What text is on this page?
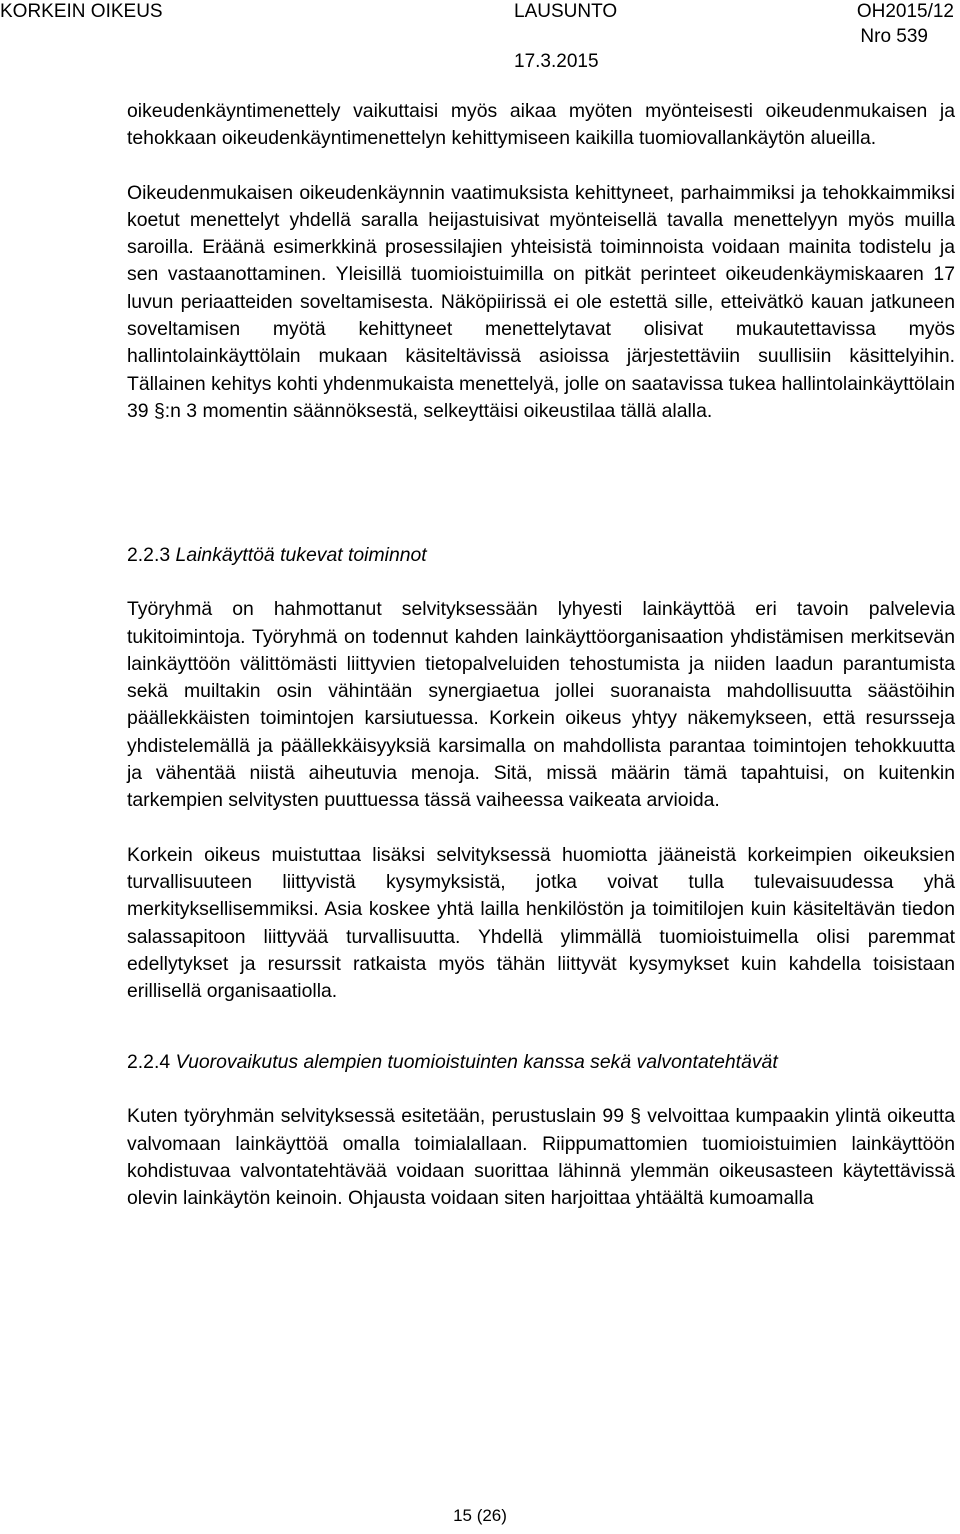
KORKEIN OIKEUS	LAUSUNTO	OH2015/12
Nro 539
17.3.2015

oikeudenkäyntimenettely vaikuttaisi myös aikaa myöten myönteisesti oikeudenmukaisen ja tehokkaan oikeudenkäyntimenettelyn kehittymiseen kaikilla tuomiovallankäytön alueilla.

Oikeudenmukaisen oikeudenkäynnin vaatimuksista kehittyneet, parhaimmiksi ja tehokkaimmiksi koetut menettelyt yhdellä saralla heijastuisivat myönteisellä tavalla menettelyyn myös muilla saroilla. Eräänä esimerkkinä prosessilajien yhteisistä toiminnoista voidaan mainita todistelu ja sen vastaanottaminen. Yleisillä tuomioistuimilla on pitkät perinteet oikeudenkäymiskaaren 17 luvun periaatteiden soveltamisesta. Näköpiirissä ei ole estettä sille, etteivätkö kauan jatkuneen soveltamisen myötä kehittyneet menettelytavat olisivat mukautettavissa myös hallintolainkäyttölain mukaan käsiteltävissä asioissa järjestettäviin suullisiin käsittelyihin. Tällainen kehitys kohti yhdenmukaista menettelyä, jolle on saatavissa tukea hallintolainkäyttölain 39 §:n 3 momentin säännöksestä, selkeyttäisi oikeustilaa tällä alalla.

2.2.3 Lainkäyttöä tukevat toiminnot

Työryhmä on hahmottanut selvityksessään lyhyesti lainkäyttöä eri tavoin palvelevia tukitoimintoja. Työryhmä on todennut kahden lainkäyttöorganisaation yhdistämisen merkitsevän lainkäyttöön välittömästi liittyvien tietopalveluiden tehostumista ja niiden laadun parantumista sekä muiltakin osin vähintään synergiaetua jollei suoranaista mahdollisuutta säästöihin päällekkäisten toimintojen karsiutuessa. Korkein oikeus yhtyy näkemykseen, että resursseja yhdistelemällä ja päällekkäisyyksiä karsimalla on mahdollista parantaa toimintojen tehokkuutta ja vähentää niistä aiheutuvia menoja. Sitä, missä määrin tämä tapahtuisi, on kuitenkin tarkempien selvitysten puuttuessa tässä vaiheessa vaikeata arvioida.

Korkein oikeus muistuttaa lisäksi selvityksessä huomiotta jääneistä korkeimpien oikeuksien turvallisuuteen liittyvistä kysymyksistä, jotka voivat tulla tulevaisuudessa yhä merkityksellisemmiksi. Asia koskee yhtä lailla henkilöstön ja toimitilojen kuin käsiteltävän tiedon salassapitoon liittyvää turvallisuutta. Yhdellä ylimmällä tuomioistuimella olisi paremmat edellytykset ja resurssit ratkaista myös tähän liittyvät kysymykset kuin kahdella toisistaan erillisellä organisaatiolla.

2.2.4 Vuorovaikutus alempien tuomioistuinten kanssa sekä valvontatehtävät

Kuten työryhmän selvityksessä esitetään, perustuslain 99 § velvoittaa kumpaakin ylintä oikeutta valvomaan lainkäyttöä omalla toimialallaan. Riippumattomien tuomioistuimien lainkäyttöön kohdistuvaa valvontatehtävää voidaan suorittaa lähinnä ylemmän oikeusasteen käytettävissä olevin lainkäytön keinoin. Ohjausta voidaan siten harjoittaa yhtäältä kumoamalla

15 (26)
